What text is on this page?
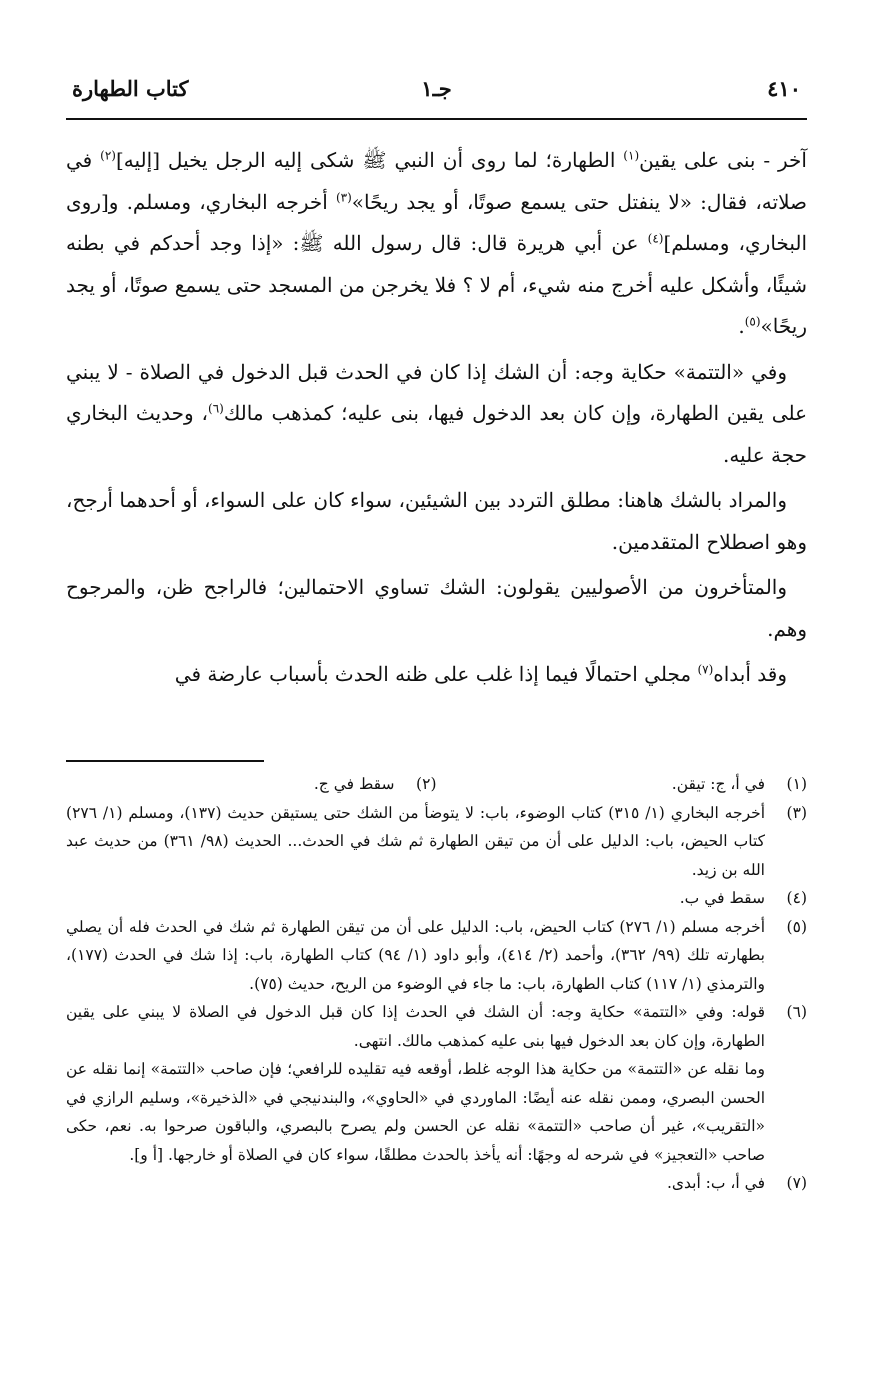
٤١٠
جـ١
كتاب الطهارة

آخر - بنى على يقين$^{(١)}$ الطهارة؛ لما روى أن النبي ﷺ شكى إليه الرجل يخيل [إليه]$^{(٢)}$ في صلاته، فقال: «لا ينفتل حتى يسمع صوتًا، أو يجد ريحًا»$^{(٣)}$ أخرجه البخاري، ومسلم. و[روى البخاري، ومسلم]$^{(٤)}$ عن أبي هريرة قال: قال رسول الله ﷺ: «إذا وجد أحدكم في بطنه شيئًا، وأشكل عليه أخرج منه شيء، أم لا ؟ فلا يخرجن من المسجد حتى يسمع صوتًا، أو يجد ريحًا»$^{(٥)}$.

وفي «التتمة» حكاية وجه: أن الشك إذا كان في الحدث قبل الدخول في الصلاة - لا يبني على يقين الطهارة، وإن كان بعد الدخول فيها، بنى عليه؛ كمذهب مالك$^{(٦)}$، وحديث البخاري حجة عليه.

والمراد بالشك هاهنا: مطلق التردد بين الشيئين، سواء كان على السواء، أو أحدهما أرجح، وهو اصطلاح المتقدمين.

والمتأخرون من الأصوليين يقولون: الشك تساوي الاحتمالين؛ فالراجح ظن، والمرجوح وهم.

وقد أبداه$^{(٧)}$ مجلي احتمالًا فيما إذا غلب على ظنه الحدث بأسباب عارضة في

(١)
في أ، ج: تيقن.
(٢)
سقط في ج.
(٣)
أخرجه البخاري (١/ ٣١٥) كتاب الوضوء، باب: لا يتوضأ من الشك حتى يستيقن حديث (١٣٧)، ومسلم (١/ ٢٧٦) كتاب الحيض، باب: الدليل على أن من تيقن الطهارة ثم شك في الحدث... الحديث (٩٨/ ٣٦١) من حديث عبد الله بن زيد.
(٤)
سقط في ب.
(٥)
أخرجه مسلم (١/ ٢٧٦) كتاب الحيض، باب: الدليل على أن من تيقن الطهارة ثم شك في الحدث فله أن يصلي بطهارته تلك (٩٩/ ٣٦٢)، وأحمد (٢/ ٤١٤)، وأبو داود (١/ ٩٤) كتاب الطهارة، باب: إذا شك في الحدث (١٧٧)، والترمذي (١/ ١١٧) كتاب الطهارة، باب: ما جاء في الوضوء من الريح، حديث (٧٥).
(٦)
قوله: وفي «التتمة» حكاية وجه: أن الشك في الحدث إذا كان قبل الدخول في الصلاة لا يبني على يقين الطهارة، وإن كان بعد الدخول فيها بنى عليه كمذهب مالك. انتهى.
وما نقله عن «التتمة» من حكاية هذا الوجه غلط، أوقعه فيه تقليده للرافعي؛ فإن صاحب «التتمة» إنما نقله عن الحسن البصري، وممن نقله عنه أيضًا: الماوردي في «الحاوي»، والبندنيجي في «الذخيرة»، وسليم الرازي في «التقريب»، غير أن صاحب «التتمة» نقله عن الحسن ولم يصرح بالبصري، والباقون صرحوا به. نعم، حكى صاحب «التعجيز» في شرحه له وجهًا: أنه يأخذ بالحدث مطلقًا، سواء كان في الصلاة أو خارجها. [أ و].
(٧)
في أ، ب: أبدى.
